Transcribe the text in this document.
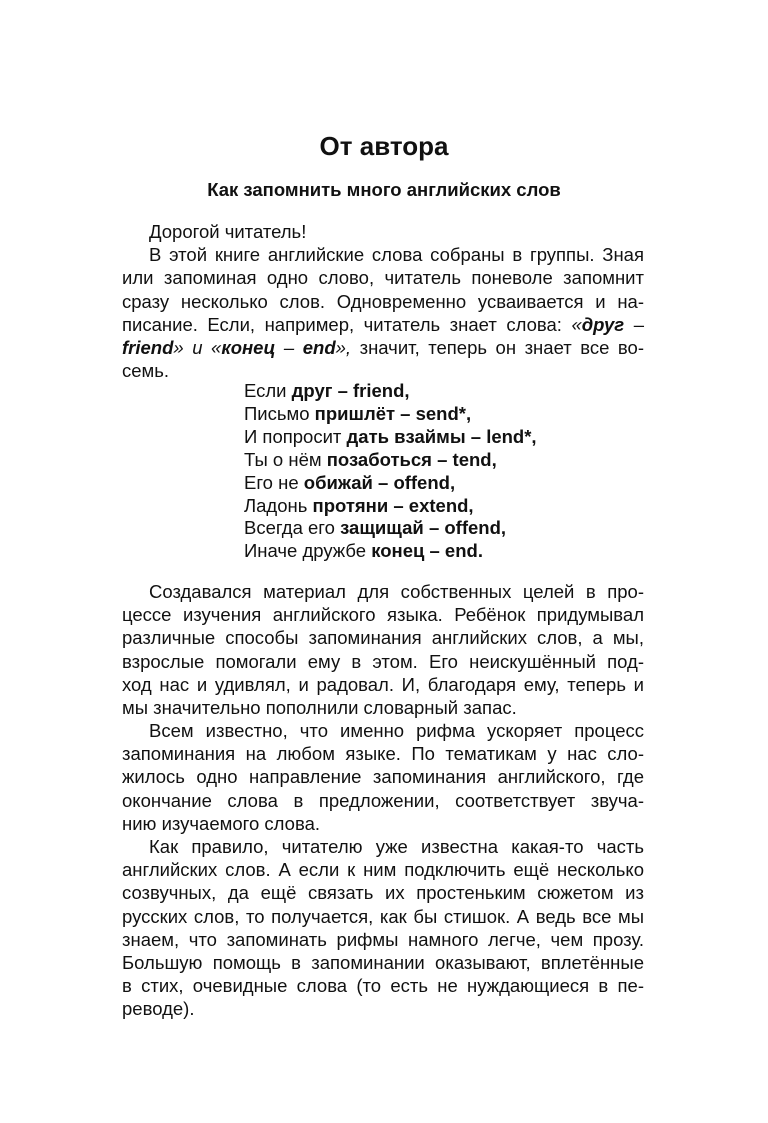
От автора
Как запомнить много английских слов
Дорогой читатель!
В этой книге английские слова собраны в группы. Зная
или запоминая одно слово, читатель поневоле запомнит
сразу несколько слов. Одновременно усваивается и на-
писание. Если, например, читатель знает слова: «друг –
friend» и «конец – end», значит, теперь он знает все во-
семь.
Если друг – friend,
Письмо пришлёт – send*,
И попросит дать взаймы – lend*,
Ты о нём позаботься – tend,
Его не обижай – offend,
Ладонь протяни – extend,
Всегда его защищай – offend,
Иначе дружбе конец – end.
Создавался материал для собственных целей в про-
цессе изучения английского языка. Ребёнок придумывал
различные способы запоминания английских слов, а мы,
взрослые помогали ему в этом. Его неискушённый под-
ход нас и удивлял, и радовал. И, благодаря ему, теперь и
мы значительно пополнили словарный запас.
Всем известно, что именно рифма ускоряет процесс
запоминания на любом языке. По тематикам у нас сло-
жилось одно направление запоминания английского, где
окончание слова в предложении, соответствует звуча-
нию изучаемого слова.
Как правило, читателю уже известна какая-то часть
английских слов. А если к ним подключить ещё несколько
созвучных, да ещё связать их простеньким сюжетом из
русских слов, то получается, как бы стишок. А ведь все мы
знаем, что запоминать рифмы намного легче, чем прозу.
Большую помощь в запоминании оказывают, вплетённые
в стих, очевидные слова (то есть не нуждающиеся в пе-
реводе).
